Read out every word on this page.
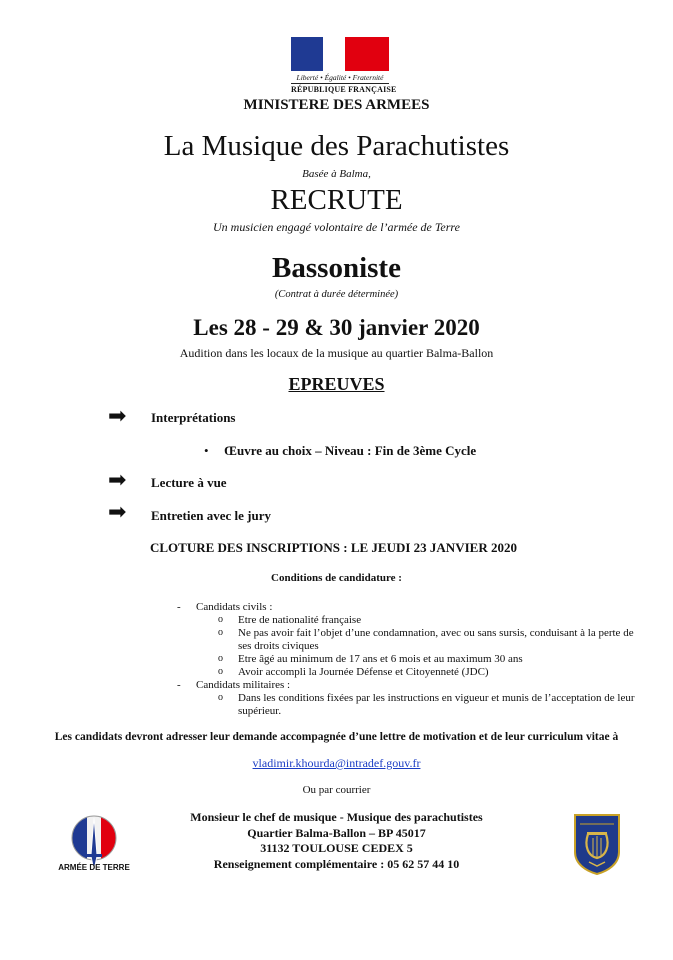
Liberté • Égalité • Fraternité
RÉPUBLIQUE FRANÇAISE
MINISTERE DES ARMEES
La Musique des Parachutistes
Basée à Balma,
RECRUTE
Un musicien engagé volontaire de l’armée de Terre
Bassoniste
(Contrat à durée déterminée)
Les 28 - 29 & 30 janvier 2020
Audition dans les locaux de la musique au quartier Balma-Ballon
EPREUVES
➡ Interprétations
• Œuvre au choix – Niveau : Fin de 3ème Cycle
➡ Lecture à vue
➡ Entretien avec le jury
CLOTURE DES INSCRIPTIONS : LE JEUDI 23 JANVIER 2020
Conditions de candidature :
- Candidats civils :
o Etre de nationalité française
o Ne pas avoir fait l’objet d’une condamnation, avec ou sans sursis, conduisant à la perte de ses droits civiques
o Etre âgé au minimum de 17 ans et 6 mois et au maximum 30 ans
o Avoir accompli la Journée Défense et Citoyenneté (JDC)
- Candidats militaires :
o Dans les conditions fixées par les instructions en vigueur et munis de l’acceptation de leur supérieur.
Les candidats devront adresser leur demande accompagnée d’une lettre de motivation et de leur curriculum vitae à
vladimir.khourda@intradef.gouv.fr
Ou par courrier
Monsieur le chef de musique - Musique des parachutistes
Quartier Balma-Ballon – BP 45017
31132 TOULOUSE CEDEX 5
Renseignement complémentaire : 05 62 57 44 10
ARMÉE DE TERRE
